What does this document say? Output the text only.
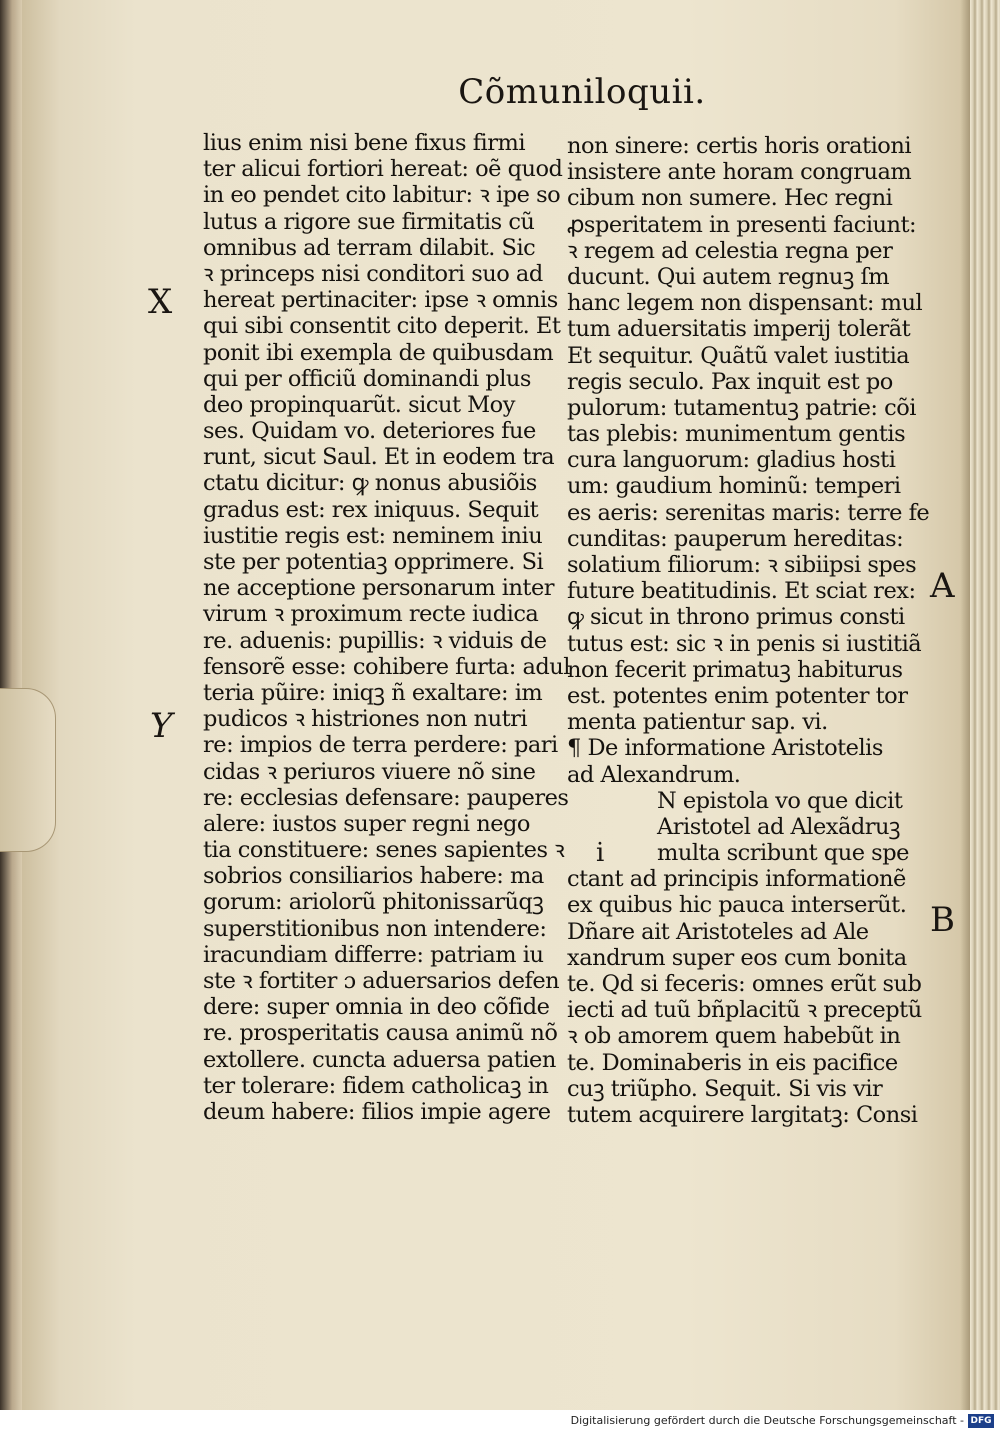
Cõmuniloquii.
lius enim nisi bene fixus firmi
ter alicui fortiori hereat: oẽ quod
in eo pendet cito labitur: ꝛ ipe so
lutus a rigore sue firmitatis cũ
omnibus ad terram dilabit. Sic
ꝛ princeps nisi conditori suo ad
hereat pertinaciter: ipse ꝛ omnis
qui sibi consentit cito deperit. Et
ponit ibi exempla de quibusdam
qui per officiũ dominandi plus
deo propinquarũt. sicut Moy
ses. Quidam vo. deteriores fue
runt, sicut Saul. Et in eodem tra
ctatu dicitur: ꝙ nonus abusiõis
gradus est: rex iniquus. Sequit
iustitie regis est: neminem iniu
ste per potentiaꝫ opprimere. Si
ne acceptione personarum inter
virum ꝛ proximum recte iudica
re. aduenis: pupillis: ꝛ viduis de
fensorẽ esse: cohibere furta: adul
teria pũire: iniqꝫ ñ exaltare: im
pudicos ꝛ histriones non nutri
re: impios de terra perdere: pari
cidas ꝛ periuros viuere nõ sine
re: ecclesias defensare: pauperes
alere: iustos super regni nego
tia constituere: senes sapientes ꝛ
sobrios consiliarios habere: ma
gorum: ariolorũ phitonissarũqꝫ
superstitionibus non intendere:
iracundiam differre: patriam iu
ste ꝛ fortiter ɔ aduersarios defen
dere: super omnia in deo cõfide
re. prosperitatis causa animũ nõ
extollere. cuncta aduersa patien
ter tolerare: fidem catholicaꝫ in
deum habere: filios impie agere
non sinere: certis horis orationi
insistere ante horam congruam
cibum non sumere. Hec regni
ꝓsperitatem in presenti faciunt:
ꝛ regem ad celestia regna per
ducunt. Qui autem regnuꝫ ſm
hanc legem non dispensant: mul
tum aduersitatis imperij tolerãt
Et sequitur. Quãtũ valet iustitia
regis seculo. Pax inquit est po
pulorum: tutamentuꝫ patrie: cõi
tas plebis: munimentum gentis
cura languorum: gladius hosti
um: gaudium hominũ: temperi
es aeris: serenitas maris: terre fe
cunditas: pauperum hereditas:
solatium filiorum: ꝛ sibiipsi spes
future beatitudinis. Et sciat rex:
ꝙ sicut in throno primus consti
tutus est: sic ꝛ in penis si iustitiã
non fecerit primatuꝫ habiturus
est. potentes enim potenter tor
menta patientur sap. vi.
¶ De informatione Aristotelis
ad Alexandrum.
N epistola vo que dicit
Aristotel ad Alexãdruꝫ
multa scribunt que spe
ctant ad principis informationẽ
ex quibus hic pauca interserũt.
Dñare ait Aristoteles ad Ale
xandrum super eos cum bonita
te. Qd si feceris: omnes erũt sub
iecti ad tuũ bñplacitũ ꝛ preceptũ
ꝛ ob amorem quem habebũt in
te. Dominaberis in eis pacifice
cuꝫ triũpho. Sequit. Si vis vir
tutem acquirere largitatꝫ: Consi
X
Y
A
B
i
Digitalisierung gefördert durch die Deutsche Forschungsgemeinschaft - DFG
